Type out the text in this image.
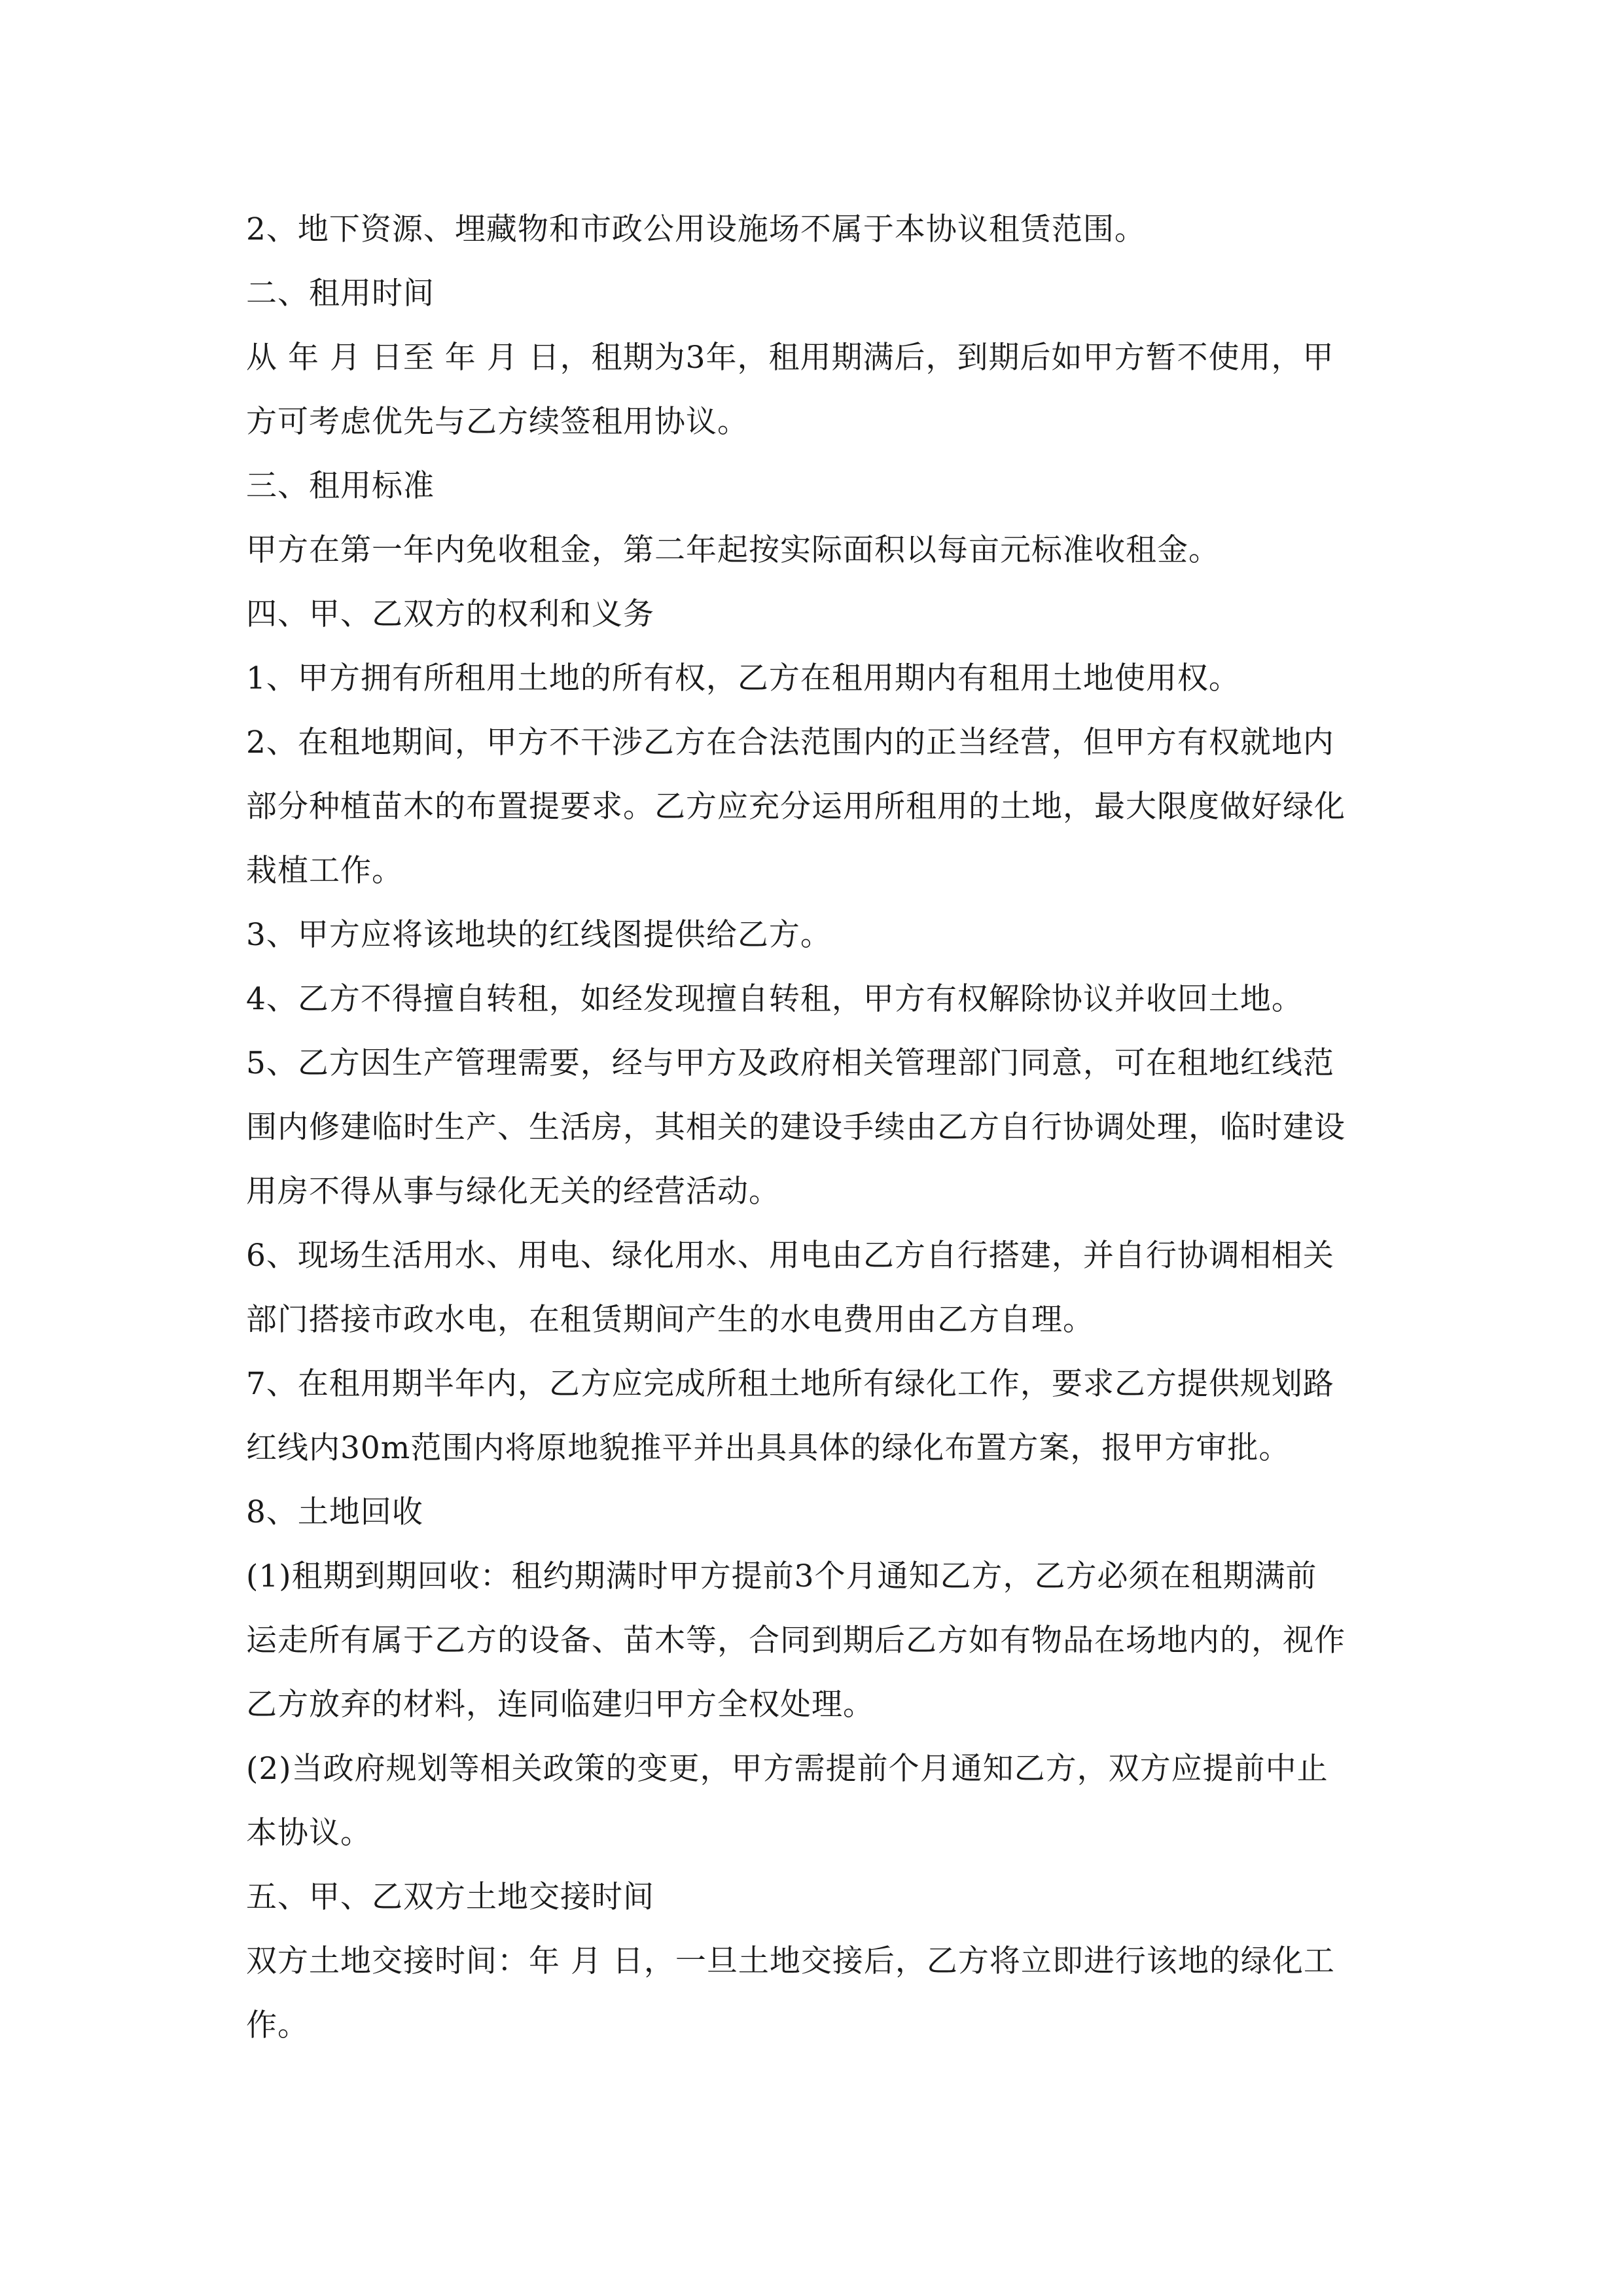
2、地下资源、埋藏物和市政公用设施场不属于本协议租赁范围。
二、租用时间
从 年 月 日至 年 月 日，租期为3年，租用期满后，到期后如甲方暂不使用，甲
方可考虑优先与乙方续签租用协议。
三、租用标准
甲方在第一年内免收租金，第二年起按实际面积以每亩元标准收租金。
四、甲、乙双方的权利和义务
1、甲方拥有所租用土地的所有权，乙方在租用期内有租用土地使用权。
2、在租地期间，甲方不干涉乙方在合法范围内的正当经营，但甲方有权就地内
部分种植苗木的布置提要求。乙方应充分运用所租用的土地，最大限度做好绿化
栽植工作。
3、甲方应将该地块的红线图提供给乙方。
4、乙方不得擅自转租，如经发现擅自转租，甲方有权解除协议并收回土地。
5、乙方因生产管理需要，经与甲方及政府相关管理部门同意，可在租地红线范
围内修建临时生产、生活房，其相关的建设手续由乙方自行协调处理，临时建设
用房不得从事与绿化无关的经营活动。
6、现场生活用水、用电、绿化用水、用电由乙方自行搭建，并自行协调相相关
部门搭接市政水电，在租赁期间产生的水电费用由乙方自理。
7、在租用期半年内，乙方应完成所租土地所有绿化工作，要求乙方提供规划路
红线内30m范围内将原地貌推平并出具具体的绿化布置方案，报甲方审批。
8、土地回收
(1)租期到期回收：租约期满时甲方提前3个月通知乙方，乙方必须在租期满前
运走所有属于乙方的设备、苗木等，合同到期后乙方如有物品在场地内的，视作
乙方放弃的材料，连同临建归甲方全权处理。
(2)当政府规划等相关政策的变更，甲方需提前个月通知乙方，双方应提前中止
本协议。
五、甲、乙双方土地交接时间
双方土地交接时间：年 月 日，一旦土地交接后，乙方将立即进行该地的绿化工
作。
